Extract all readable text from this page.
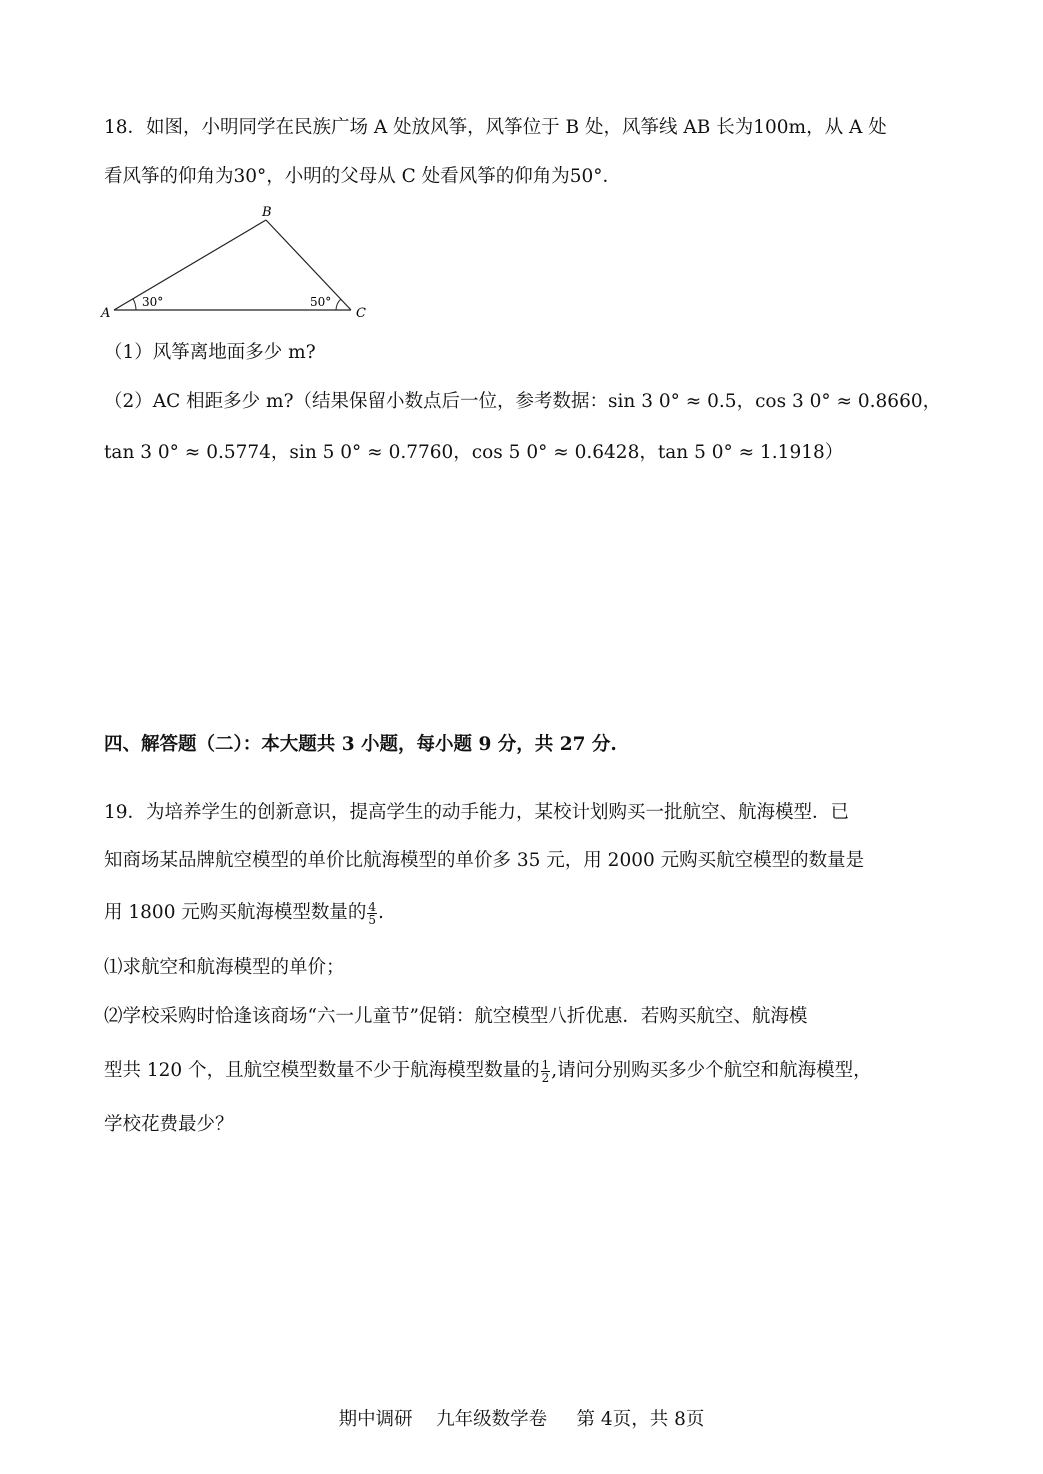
18．如图，小明同学在民族广场 A 处放风筝，风筝位于 B 处，风筝线 AB 长为100m，从 A 处
看风筝的仰角为30°，小明的父母从 C 处看风筝的仰角为50°．
A
B
C
30°	50°
（1）风筝离地面多少 m?
（2）AC 相距多少 m?（结果保留小数点后一位，参考数据：sin 3 0° ≈ 0.5，cos 3 0° ≈ 0.8660，
tan 3 0° ≈ 0.5774，sin 5 0° ≈ 0.7760，cos 5 0° ≈ 0.6428，tan 5 0° ≈ 1.1918）
四、解答题（二）：本大题共 3 小题，每小题 9 分，共 27 分.
19．为培养学生的创新意识，提高学生的动手能力，某校计划购买一批航空、航海模型．已
知商场某品牌航空模型的单价比航海模型的单价多 35 元，用 2000 元购买航空模型的数量是
用 1800 元购买航海模型数量的 $\frac{4}{5}$ .
⑴求航空和航海模型的单价；
⑵学校采购时恰逢该商场“六一儿童节”促销：航空模型八折优惠．若购买航空、航海模
型共 120 个，且航空模型数量不少于航海模型数量的 $\frac{1}{2}$ ,请问分别购买多少个航空和航海模型，
学校花费最少？
期中调研    九年级数学卷     第 4页，共 8页
